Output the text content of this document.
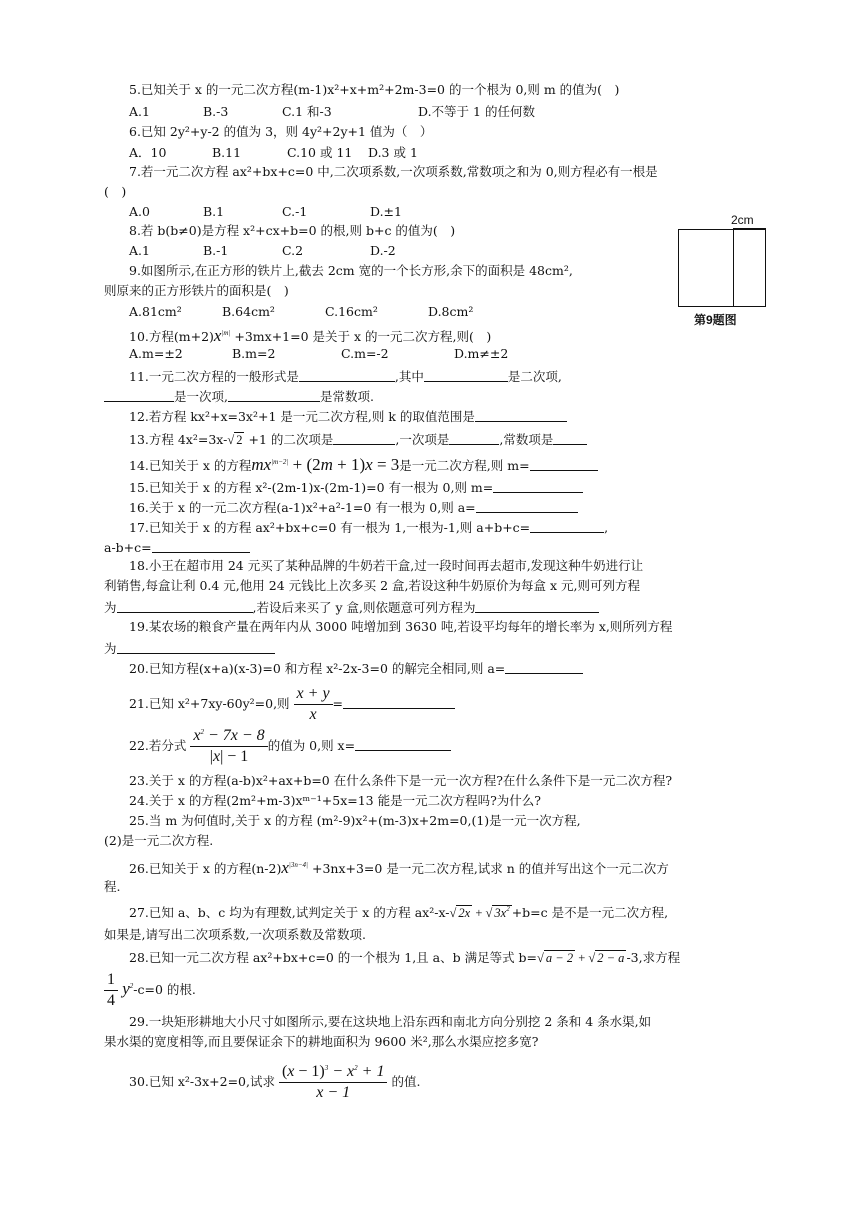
5.已知关于 x 的一元二次方程(m-1)x²+x+m²+2m-3=0 的一个根为 0,则 m 的值为(　)
A.1	B.-3	C.1 和-3	D.不等于 1 的任何数
6.已知 2y²+y-2 的值为 3，则 4y²+2y+1 值为（　）
A．10	B.11	C.10 或 11 D.3 或 1
7.若一元二次方程 ax²+bx+c=0 中,二次项系数,一次项系数,常数项之和为 0,则方程必有一根是
(　)
A.0	B.1	C.-1	D.±1
2cm
第9题图
8.若 b(b≠0)是方程 x²+cx+b=0 的根,则 b+c 的值为(　)
A.1	B.-1	C.2	D.-2
9.如图所示,在正方形的铁片上,截去 2cm 宽的一个长方形,余下的面积是 48cm²,
则原来的正方形铁片的面积是(　)
A.81cm²	B.64cm²	C.16cm²	D.8cm²
10.方程$(m+2)x^{|m|} +3mx+1=0$ 是关于 x 的一元二次方程,则(　)
A.m=±2	B.m=2	C.m=-2	D.m≠±2
11.一元二次方程的一般形式是	,其中	是二次项,
是一次项,	是常数项.
12.若方程 kx²+x=3x²+1 是一元二次方程,则 k 的取值范围是
13.方程 4x²=3x-√ 2 +1 的二次项是	,一次项是	,常数项是
14.已知关于 x 的方程$mx^{|m-2|} + (2m + 1)x = 3$是一元二次方程,则 m=
15.已知关于 x 的方程 x²-(2m-1)x-(2m-1)=0 有一根为 0,则 m=
16.关于 x 的一元二次方程(a-1)x²+a²-1=0 有一根为 0,则 a=
17.已知关于 x 的方程 ax²+bx+c=0 有一根为 1,一根为-1,则 a+b+c=	,
a-b+c=
18.小王在超市用 24 元买了某种品牌的牛奶若干盒,过一段时间再去超市,发现这种牛奶进行让
利销售,每盒让利 0.4 元,他用 24 元钱比上次多买 2 盒,若设这种牛奶原价为每盒 x 元,则可列方程
为	,若设后来买了 y 盒,则依题意可列方程为
19.某农场的粮食产量在两年内从 3000 吨增加到 3630 吨,若设平均每年的增长率为 x,则所列方程
为
20.已知方程(x+a)(x-3)=0 和方程 x²-2x-3=0 的解完全相同,则 a=
21.已知 x²+7xy-60y²=0,则 $\frac{x + y}{x}$ =
22.若分式 $\frac{x^2 - 7x - 8}{|x| - 1}$ 的值为 0,则 x=
23.关于 x 的方程(a-b)x²+ax+b=0 在什么条件下是一元一次方程?在什么条件下是一元二次方程?
24.关于 x 的方程(2m²+m-3)xᵐ⁻¹+5x=13 能是一元二次方程吗?为什么?
25.当 m 为何值时,关于 x 的方程 (m²-9)x²+(m-3)x+2m=0,(1)是一元一次方程,
(2)是一元二次方程.
26.已知关于 x 的方程$(n-2)x^{|3n-4|} +3nx+3=0$ 是一元二次方程,试求 n 的值并写出这个一元二次方
程.
27.已知 a、b、c 均为有理数,试判定关于 x 的方程 ax²-x-√ 2x + √ $3x^2 +b=c$ 是不是一元二次方程,
如果是,请写出二次项系数,一次项系数及常数项.
28.已知一元二次方程 ax²+bx+c=0 的一个根为 1,且 a、b 满足等式 b=√ a − 2 + √ 2 − a -3,求方程
$\frac{1}{4} y^2-c=0$ 的根.
29.一块矩形耕地大小尺寸如图所示,要在这块地上沿东西和南北方向分别挖 2 条和 4 条水渠,如
果水渠的宽度相等,而且要保证余下的耕地面积为 9600 米²,那么水渠应挖多宽?
30.已知 x²-3x+2=0,试求 $\frac{(x - 1)^3 - x^2 + 1}{x - 1}$ 的值.
